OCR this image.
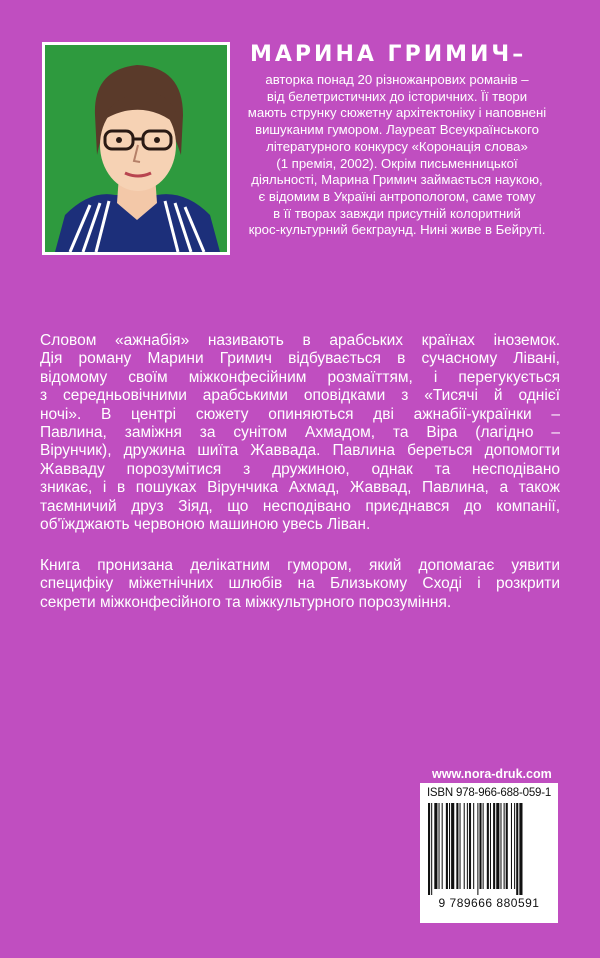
МАРИНА ГРИМИЧ–
авторка понад 20 різножанрових романів –
від белетристичних до історичних. Її твори
мають струнку сюжетну архітектоніку і наповнені
вишуканим гумором. Лауреат Всеукраїнського
літературного конкурсу «Коронація слова»
(1 премія, 2002). Окрім письменницької
діяльності, Марина Гримич займається наукою,
є відомим в Україні антропологом, саме тому
в її творах завжди присутній колоритний
крос-культурний бекграунд. Нині живе в Бейруті.
Словом «ажнабія» називають в арабських країнах іноземок.
Дія роману Марини Гримич відбувається в сучасному Лівані,
відомому своїм міжконфесійним розмаїттям, і перегукується
з середньовічними арабськими оповідками з «Тисячі й однієї
ночі». В центрі сюжету опиняються дві ажнабії-українки –
Павлина, заміжня за сунітом Ахмадом, та Віра (лагідно –
Вірунчик), дружина шиїта Жаввада. Павлина береться допомогти
Жавваду порозумітися з дружиною, однак та несподівано
зникає, і в пошуках Вірунчика Ахмад, Жаввад, Павлина, а також
таємничий друз Зіяд, що несподівано приєднався до компанії,
об'їжджають червоною машиною увесь Ліван.
Книга пронизана делікатним гумором, який допомагає уявити
специфіку міжетнічних шлюбів на Близькому Сході і розкрити
секрети міжконфесійного та міжкультурного порозуміння.
www.nora-druk.com
ISBN 978-966-688-059-1
9 789666 880591
